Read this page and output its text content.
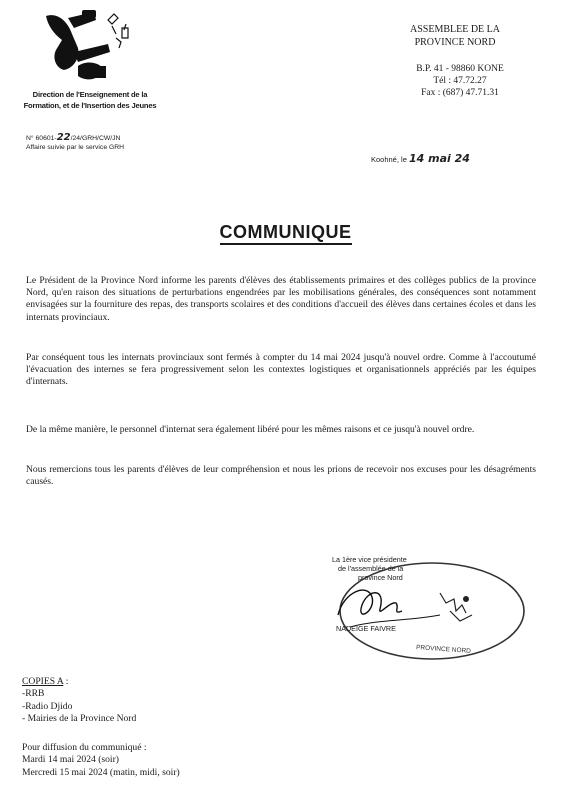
Direction de l'Enseignement de la Formation, et de l'Insertion des Jeunes
N° 60601-22/24/GRH/CW/JN
Affaire suivie par le service GRH
ASSEMBLEE DE LA
PROVINCE NORD
B.P. 41 - 98860 KONE
Tél : 47.72.27
Fax : (687) 47.71.31
Koohné, le 14 mai 24
COMMUNIQUE
Le Président de la Province Nord informe les parents d'élèves des établissements primaires et des collèges publics de la province Nord, qu'en raison des situations de perturbations engendrées par les mobilisations générales, des conséquences sont notamment envisagées sur la fourniture des repas, des transports scolaires et des conditions d'accueil des élèves dans certaines écoles et dans les internats provinciaux.
Par conséquent tous les internats provinciaux sont fermés à compter du 14 mai 2024 jusqu'à nouvel ordre. Comme à l'accoutumé l'évacuation des internes se fera progressivement selon les contextes logistiques et organisationnels appréciés par les équipes d'internats.
De la même manière, le personnel d'internat sera également libéré pour les mêmes raisons et ce jusqu'à nouvel ordre.
Nous remercions tous les parents d'élèves de leur compréhension et nous les prions de recevoir nos excuses pour les désagréments causés.
La 1ère vice présidente
de l'assemblée de la
province Nord
NADEIGE FAIVRE
PROVINCE NORD
COPIES A :
-RRB
-Radio Djido
- Mairies de la Province Nord
Pour diffusion du communiqué :
Mardi 14 mai 2024 (soir)
Mercredi 15 mai 2024 (matin, midi, soir)
